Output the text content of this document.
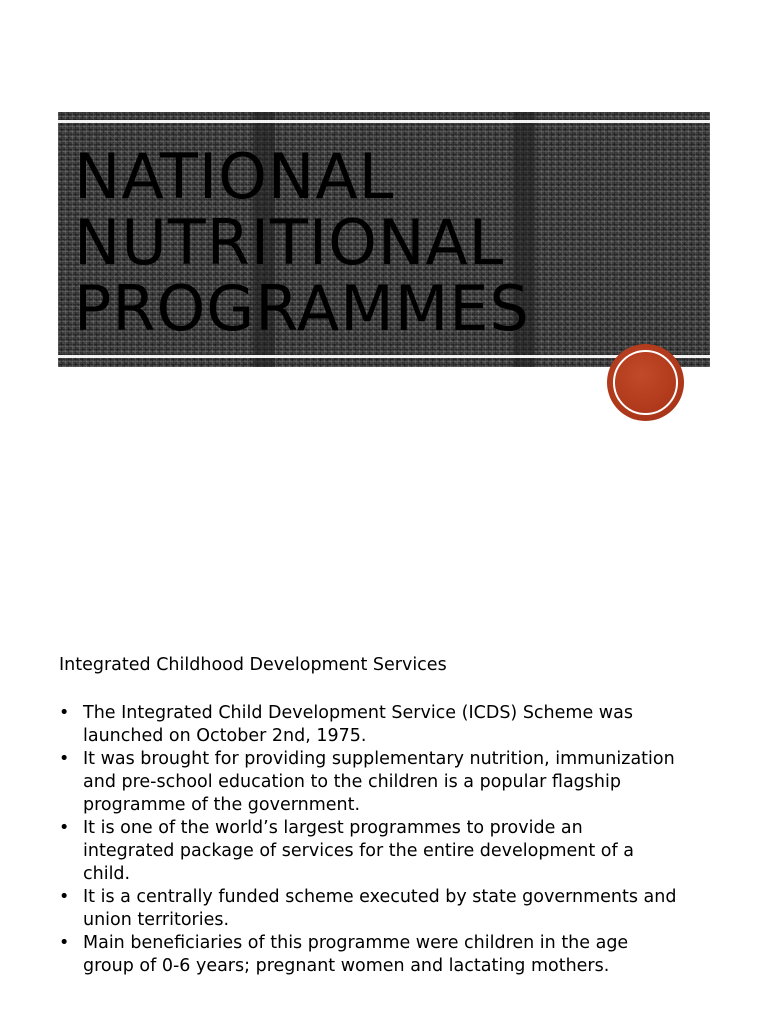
NATIONAL
NUTRITIONAL
PROGRAMMES

Integrated Childhood Development Services

• The Integrated Child Development Service (ICDS) Scheme was launched on October 2nd, 1975.
• It was brought for providing supplementary nutrition, immunization and pre-school education to the children is a popular flagship programme of the government.
• It is one of the world’s largest programmes to provide an integrated package of services for the entire development of a child.
• It is a centrally funded scheme executed by state governments and union territories.
• Main beneficiaries of this programme were children in the age group of 0-6 years; pregnant women and lactating mothers.
